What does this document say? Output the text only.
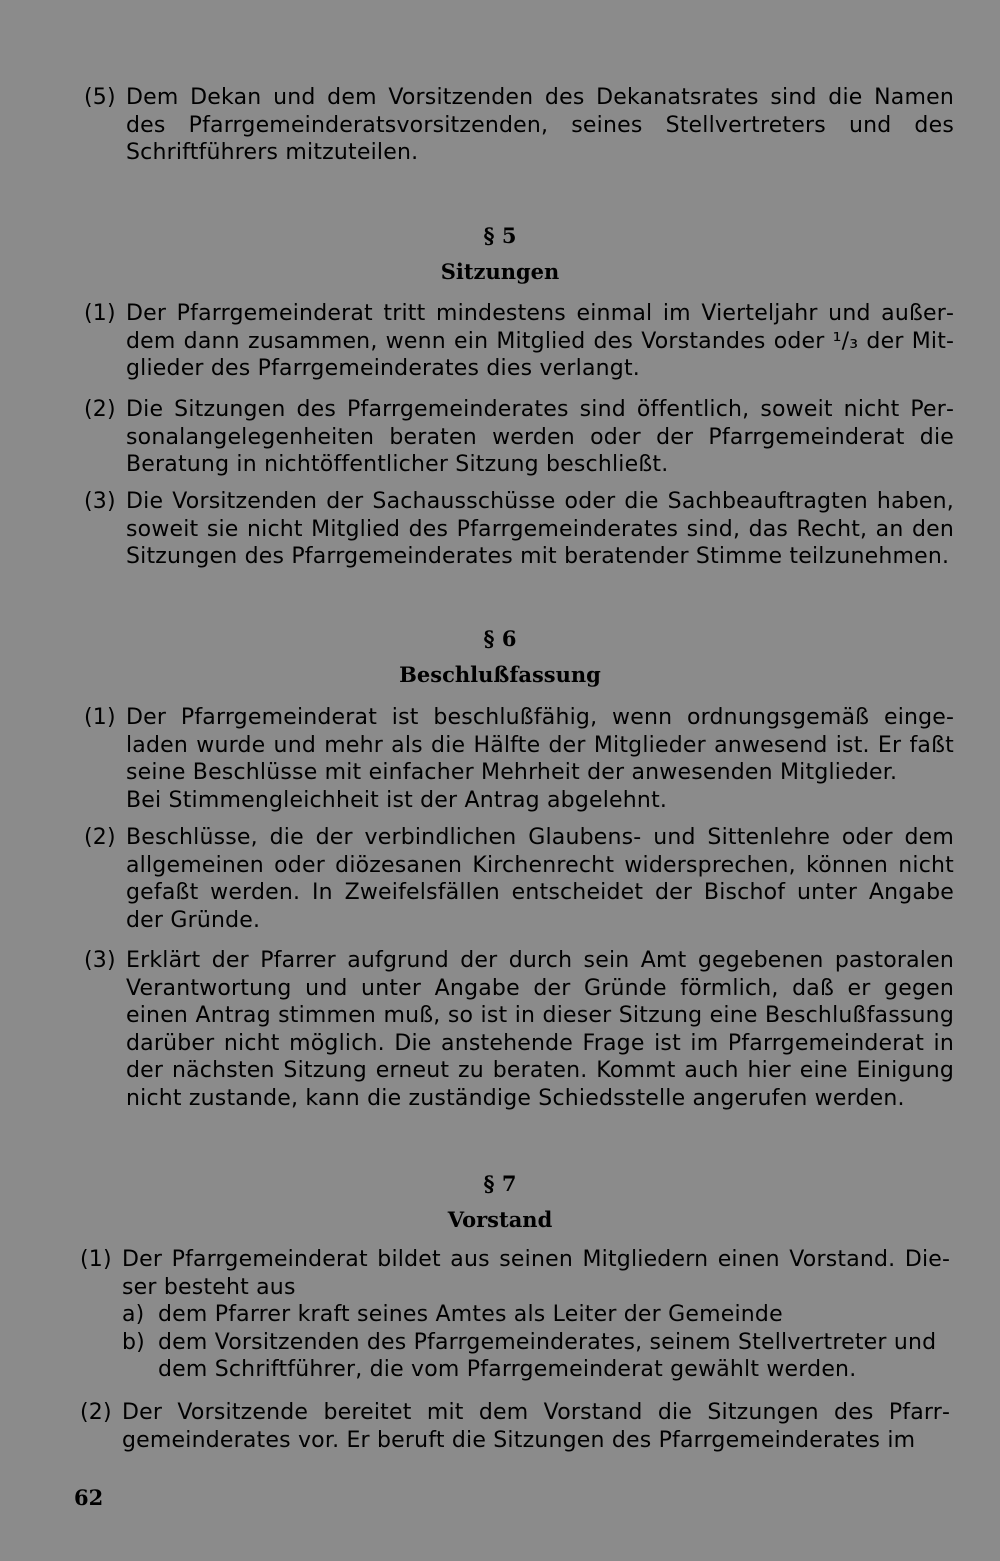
(5) Dem Dekan und dem Vorsitzenden des Dekanatsrates sind die Namen des Pfarrgemeinderatsvorsitzenden, seines Stellvertreters und des Schriftführers mitzuteilen.
§ 5
Sitzungen
(1) Der Pfarrgemeinderat tritt mindestens einmal im Vierteljahr und außerdem dann zusammen, wenn ein Mitglied des Vorstandes oder ¹/₃ der Mitglieder des Pfarrgemeinderates dies verlangt.
(2) Die Sitzungen des Pfarrgemeinderates sind öffentlich, soweit nicht Personalangelegenheiten beraten werden oder der Pfarrgemeinderat die Beratung in nichtöffentlicher Sitzung beschließt.
(3) Die Vorsitzenden der Sachausschüsse oder die Sachbeauftragten haben, soweit sie nicht Mitglied des Pfarrgemeinderates sind, das Recht, an den Sitzungen des Pfarrgemeinderates mit beratender Stimme teilzunehmen.
§ 6
Beschlußfassung
(1) Der Pfarrgemeinderat ist beschlußfähig, wenn ordnungsgemäß eingeladen wurde und mehr als die Hälfte der Mitglieder anwesend ist. Er faßt seine Beschlüsse mit einfacher Mehrheit der anwesenden Mitglieder.
Bei Stimmengleichheit ist der Antrag abgelehnt.
(2) Beschlüsse, die der verbindlichen Glaubens- und Sittenlehre oder dem allgemeinen oder diözesanen Kirchenrecht widersprechen, können nicht gefaßt werden. In Zweifelsfällen entscheidet der Bischof unter Angabe der Gründe.
(3) Erklärt der Pfarrer aufgrund der durch sein Amt gegebenen pastoralen Verantwortung und unter Angabe der Gründe förmlich, daß er gegen einen Antrag stimmen muß, so ist in dieser Sitzung eine Beschlußfassung darüber nicht möglich. Die anstehende Frage ist im Pfarrgemeinderat in der nächsten Sitzung erneut zu beraten. Kommt auch hier eine Einigung nicht zustande, kann die zuständige Schiedsstelle angerufen werden.
§ 7
Vorstand
(1) Der Pfarrgemeinderat bildet aus seinen Mitgliedern einen Vorstand. Dieser besteht aus
a) dem Pfarrer kraft seines Amtes als Leiter der Gemeinde
b) dem Vorsitzenden des Pfarrgemeinderates, seinem Stellvertreter und dem Schriftführer, die vom Pfarrgemeinderat gewählt werden.
(2) Der Vorsitzende bereitet mit dem Vorstand die Sitzungen des Pfarrgemeinderates vor. Er beruft die Sitzungen des Pfarrgemeinderates im
62
